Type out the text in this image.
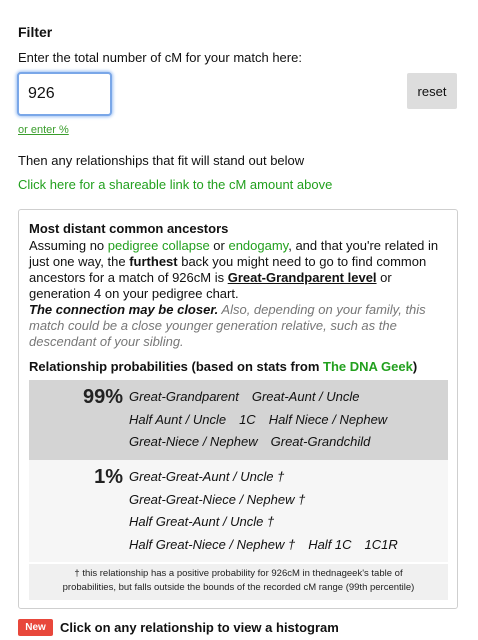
Filter
Enter the total number of cM for your match here:
926
reset
or enter %
Then any relationships that fit will stand out below
Click here for a shareable link to the cM amount above
Most distant common ancestors
Assuming no pedigree collapse or endogamy, and that you're related in just one way, the furthest back you might need to go to find common ancestors for a match of 926cM is Great-Grandparent level or generation 4 on your pedigree chart.
The connection may be closer. Also, depending on your family, this match could be a close younger generation relative, such as the descendant of your sibling.
Relationship probabilities (based on stats from The DNA Geek)
99% Great-Grandparent Great-Aunt / Uncle
Half Aunt / Uncle 1C Half Niece / Nephew
Great-Niece / Nephew Great-Grandchild
1% Great-Great-Aunt / Uncle †
Great-Great-Niece / Nephew †
Half Great-Aunt / Uncle †
Half Great-Niece / Nephew † Half 1C 1C1R
† this relationship has a positive probability for 926cM in thednageek's table of
probabilities, but falls outside the bounds of the recorded cM range (99th percentile)
New	Click on any relationship to view a histogram
